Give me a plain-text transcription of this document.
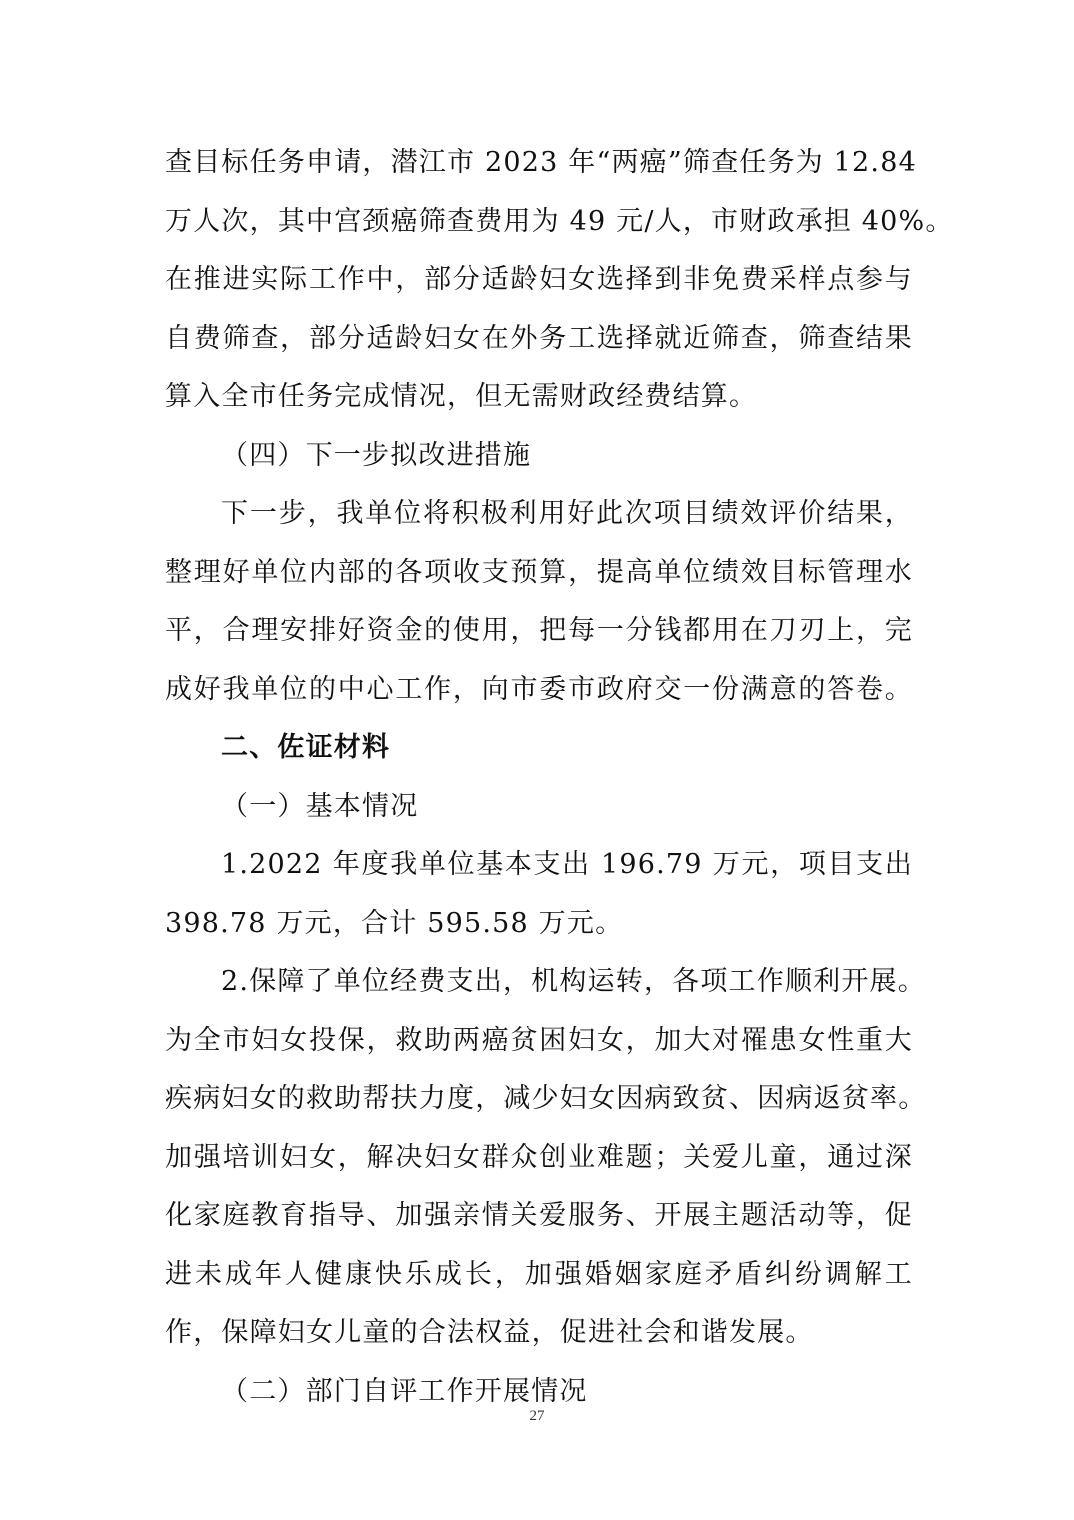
查目标任务申请，潜江市 2023 年“两癌”筛查任务为 12.84
万人次，其中宫颈癌筛查费用为 49 元/人，市财政承担 40%。
在推进实际工作中，部分适龄妇女选择到非免费采样点参与
自费筛查，部分适龄妇女在外务工选择就近筛查，筛查结果
算入全市任务完成情况，但无需财政经费结算。
（四）下一步拟改进措施
下一步，我单位将积极利用好此次项目绩效评价结果，
整理好单位内部的各项收支预算，提高单位绩效目标管理水
平，合理安排好资金的使用，把每一分钱都用在刀刃上，完
成好我单位的中心工作，向市委市政府交一份满意的答卷。
二、佐证材料
（一）基本情况
1.2022 年度我单位基本支出 196.79 万元，项目支出
398.78 万元，合计 595.58 万元。
2.保障了单位经费支出，机构运转，各项工作顺利开展。
为全市妇女投保，救助两癌贫困妇女，加大对罹患女性重大
疾病妇女的救助帮扶力度，减少妇女因病致贫、因病返贫率。
加强培训妇女，解决妇女群众创业难题；关爱儿童，通过深
化家庭教育指导、加强亲情关爱服务、开展主题活动等，促
进未成年人健康快乐成长，加强婚姻家庭矛盾纠纷调解工
作，保障妇女儿童的合法权益，促进社会和谐发展。
（二）部门自评工作开展情况
27
